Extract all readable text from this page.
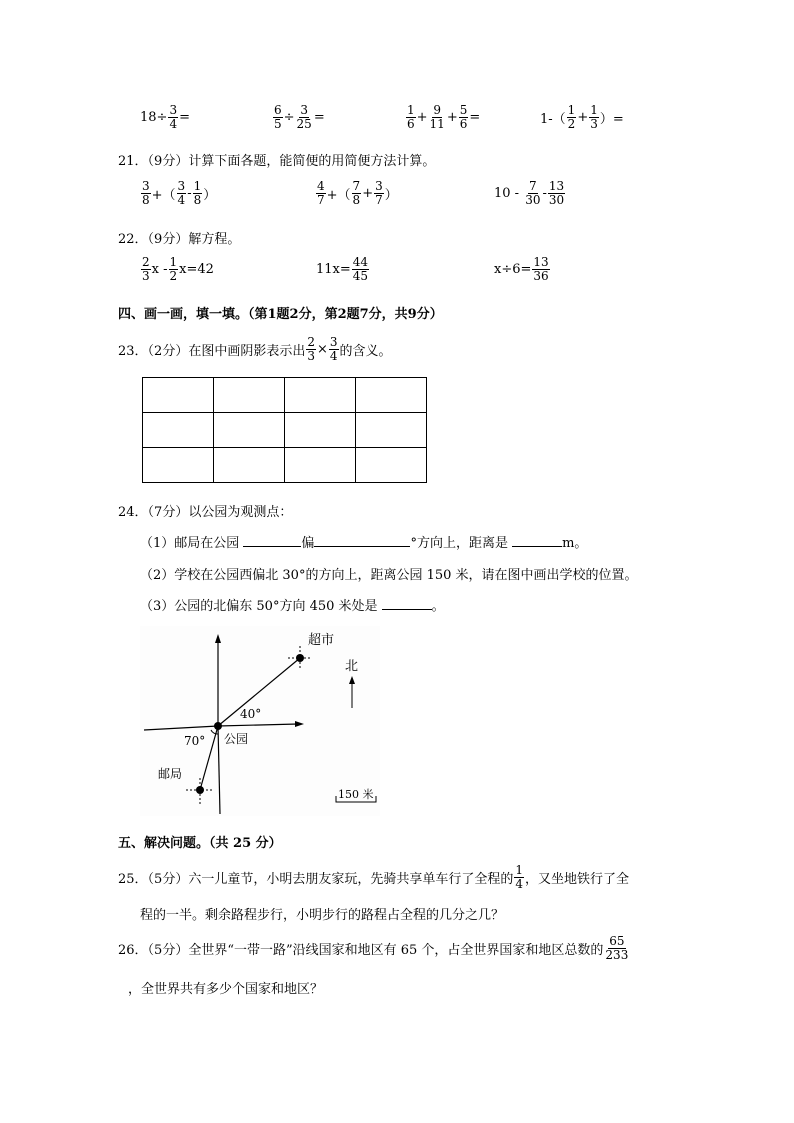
$18\div \frac{3}{4}$ =	$\frac{6}{5} \div \frac{3}{25}$ =	$\frac{1}{6} + \frac{9}{11} + \frac{5}{6}$ =	$1-( \frac{1}{2} + \frac{1}{3}$ ）=
21．（9分）计算下面各题，能简便的用简便方法计算。
$\frac{3}{8}$ +（ $\frac{3}{4} - \frac{1}{8}$ ）	$\frac{4}{7}$ +（ $\frac{7}{8} + \frac{3}{7}$ ）	10 -
$\frac{7}{30} - \frac{13}{30}$
22．（9分）解方程。
$\frac{2}{3}$ $x - \frac{1}{2} x=42$	$11x= \frac{44}{45}$	$x\div 6= \frac{13}{36}$
四、画一画，填一填。（第1题2分，第2题7分，共9分）
23．（2分）在图中画阴影表示出 $\frac{2}{3} \times \frac{3}{4}$ 的含义。

24．（7分）以公园为观测点：
（1）邮局在公园	偏	°方向上，距离是	m。
（2）学校在公园西偏北 30°的方向上，距离公园 150 米，请在图中画出学校的位置。
（3）公园的北偏东 50°方向 450 米处是	。
超市
北
40°
70° 公园
邮局
150 米
五、解决问题。（共 25 分）
25．（5分）六一儿童节，小明去朋友家玩，先骑共享单车行了全程的 $\frac{1}{4}$ ，又坐地铁行了全
程的一半。剩余路程步行，小明步行的路程占全程的几分之几？
26．（5分）全世界“一带一路”沿线国家和地区有 65 个，占全世界国家和地区总数的 $\frac{65}{233}$
，全世界共有多少个国家和地区？
